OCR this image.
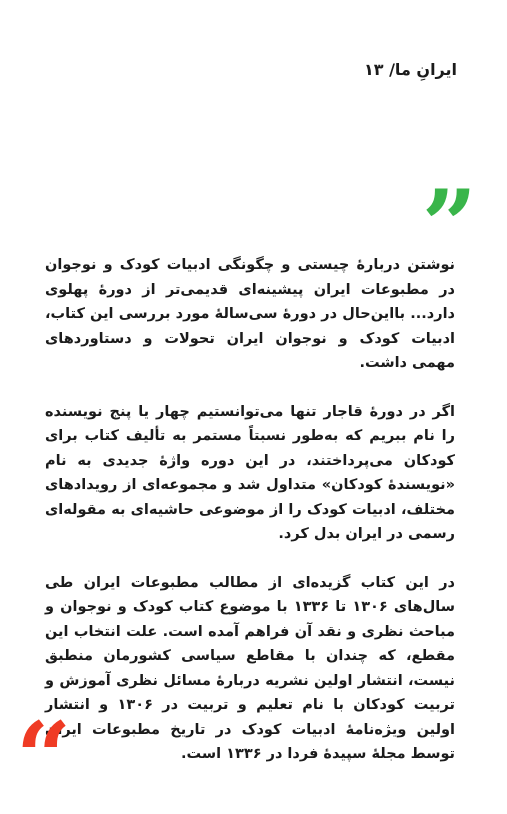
ایرانِ ما/ ۱۳
”

نوشتن دربارهٔ چیستی و چگونگی ادبیات کودک و نوجوان در مطبوعات ایران پیشینه‌ای قدیمی‌تر از دورهٔ پهلوی دارد... بااین‌حال در دورهٔ سی‌سالهٔ مورد بررسی این کتاب، ادبیات کودک و نوجوان ایران تحولات و دستاوردهای مهمی داشت.

اگر در دورهٔ قاجار تنها می‌توانستیم چهار یا پنج نویسنده را نام ببریم که به‌طور نسبتاً مستمر به تألیف کتاب برای کودکان می‌پرداختند، در این دوره واژهٔ جدیدی به نام «نویسندهٔ کودکان» متداول شد و مجموعه‌ای از رویدادهای مختلف، ادبیات کودک را از موضوعی حاشیه‌ای به مقوله‌ای رسمی در ایران بدل کرد.

در این کتاب گزیده‌ای از مطالب مطبوعات ایران طی سال‌های ۱۳۰۶ تا ۱۳۳۶ با موضوع کتاب کودک و نوجوان و مباحث نظری و نقد آن فراهم آمده است. علت انتخاب این مقطع، که چندان با مقاطع سیاسی کشورمان منطبق نیست، انتشار اولین نشریه دربارهٔ مسائل نظری آموزش و تربیت کودکان با نام تعلیم و تربیت در ۱۳۰۶ و انتشار اولین ویژه‌نامهٔ ادبیات کودک در تاریخ مطبوعات ایران توسط مجلهٔ سپیدهٔ فردا در ۱۳۳۶ است.

“
